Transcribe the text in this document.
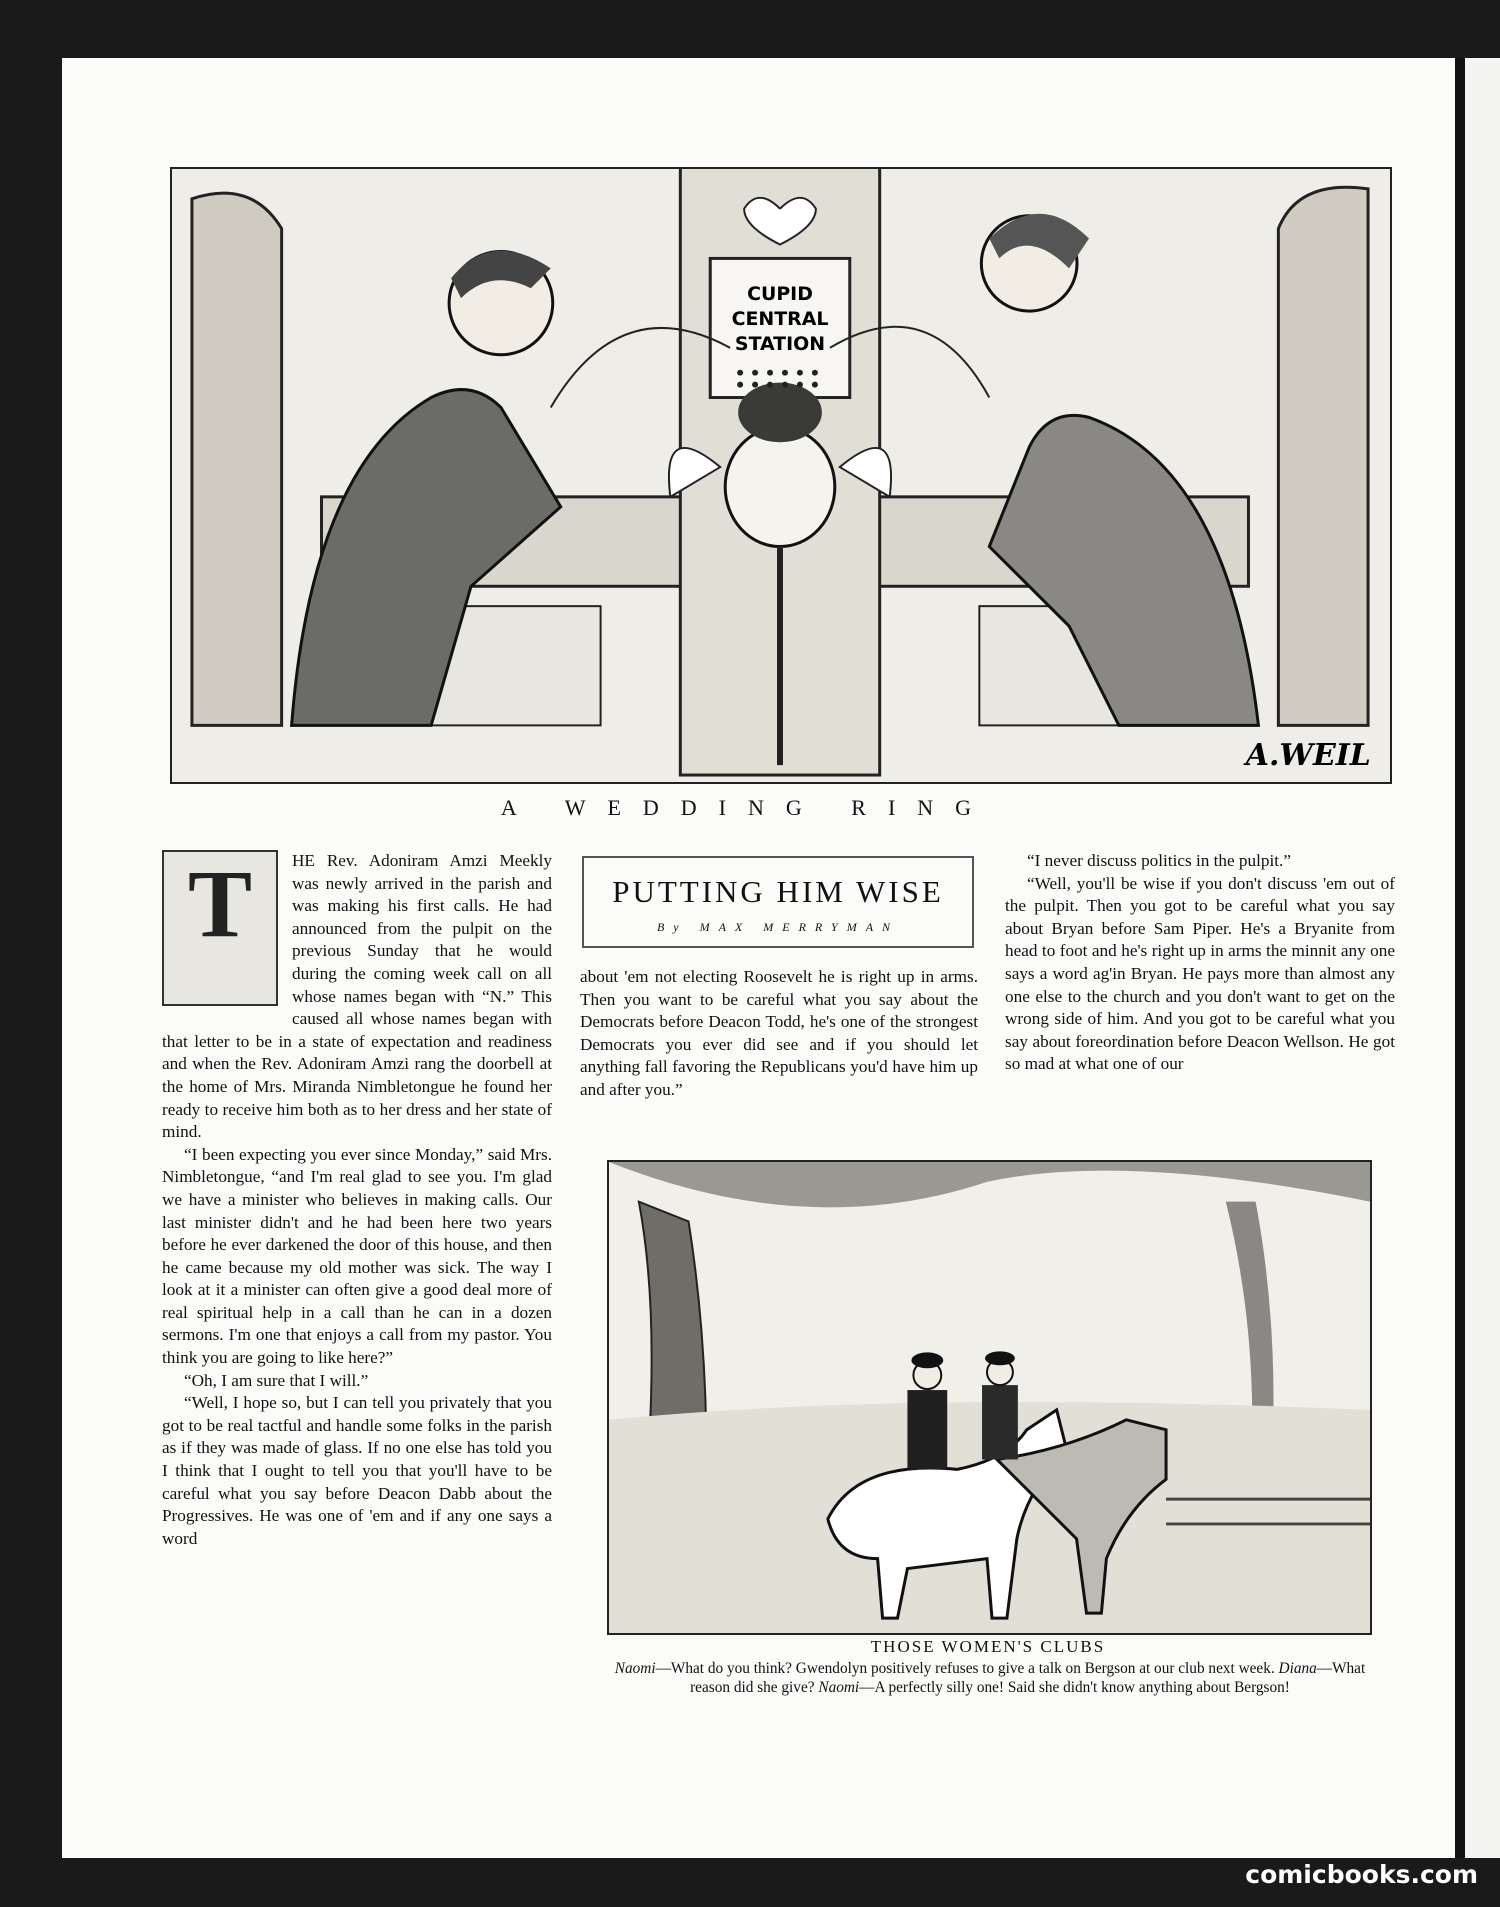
CUPID
CENTRAL
STATION
A.WEIL
A WEDDING RING
T	HE Rev. Adoniram Amzi Meekly was newly arrived in the parish and was making his first calls. He had announced from the pulpit on the previous Sunday that he would during the coming week call on all whose names began with “N.” This caused all whose names began with that letter to be in a state of expectation and readiness and when the Rev. Adoniram Amzi rang the doorbell at the home of Mrs. Miranda Nimbletongue he found her ready to receive him both as to her dress and her state of mind.

“I been expecting you ever since Monday,” said Mrs. Nimbletongue, “and I'm real glad to see you. I'm glad we have a minister who believes in making calls. Our last minister didn't and he had been here two years before he ever darkened the door of this house, and then he came because my old mother was sick. The way I look at it a minister can often give a good deal more of real spiritual help in a call than he can in a dozen sermons. I'm one that enjoys a call from my pastor. You think you are going to like here?”

“Oh, I am sure that I will.”

“Well, I hope so, but I can tell you privately that you got to be real tactful and handle some folks in the parish as if they was made of glass. If no one else has told you I think that I ought to tell you that you'll have to be careful what you say before Deacon Dabb about the Progressives. He was one of 'em and if any one says a word

PUTTING HIM WISE
By MAX MERRYMAN

about 'em not electing Roosevelt he is right up in arms. Then you want to be careful what you say about the Democrats before Deacon Todd, he's one of the strongest Democrats you ever did see and if you should let anything fall favoring the Republicans you'd have him up and after you.”

“I never discuss politics in the pulpit.”

“Well, you'll be wise if you don't discuss 'em out of the pulpit. Then you got to be careful what you say about Bryan before Sam Piper. He's a Bryanite from head to foot and he's right up in arms the minnit any one says a word ag'in Bryan. He pays more than almost any one else to the church and you don't want to get on the wrong side of him. And you got to be careful what you say about foreordination before Deacon Wellson. He got so mad at what one of our

THOSE WOMEN'S CLUBS
Naomi—What do you think? Gwendolyn positively refuses to give a talk on Bergson at our club next week. Diana—What reason did she give? Naomi—A perfectly silly one! Said she didn't know anything about Bergson!
comicbooks.com
